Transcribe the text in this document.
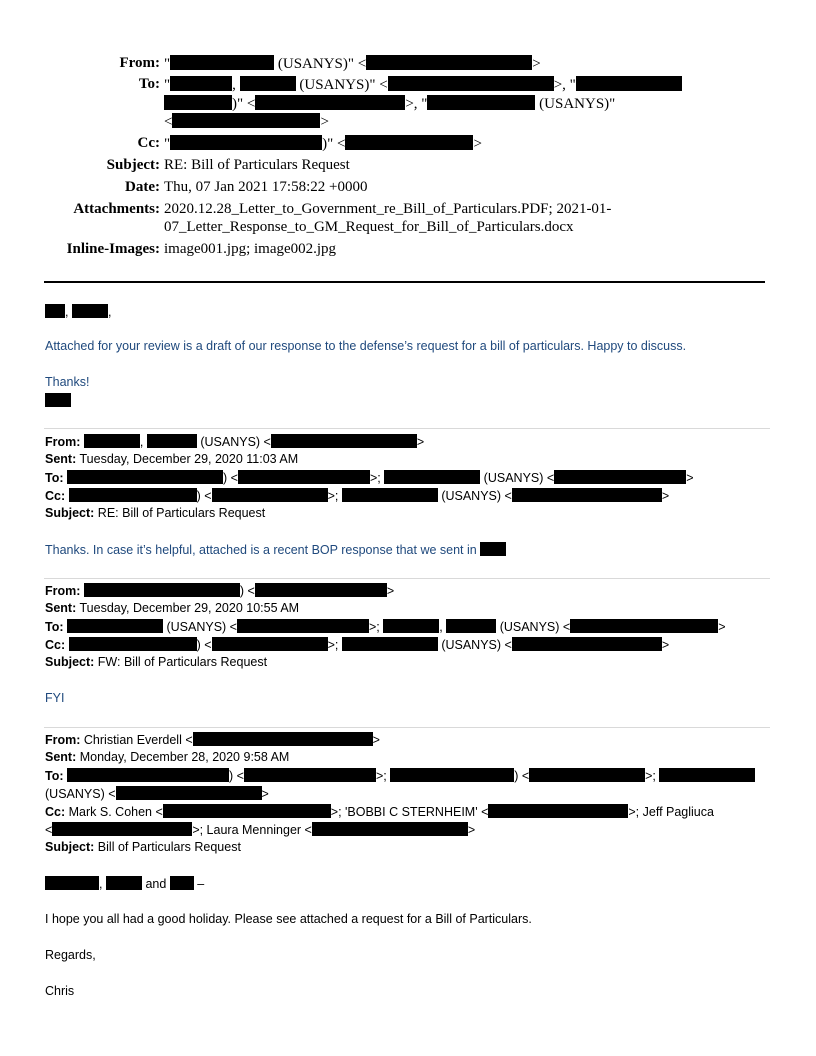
From: "	(USANYS)" <	>
To: "	,	(USANYS)" <	>, "
)" <	>, "	(USANYS)"
<	>
Cc: "	)" <	>
Subject: RE: Bill of Particulars Request
Date: Thu, 07 Jan 2021 17:58:22 +0000
Attachments: 2020.12.28_Letter_to_Government_re_Bill_of_Particulars.PDF; 2021-01-
07_Letter_Response_to_GM_Request_for_Bill_of_Particulars.docx
Inline-Images: image001.jpg; image002.jpg
,	,
Attached for your review is a draft of our response to the defense’s request for a bill of particulars. Happy to discuss.
Thanks!
From:	,	(USANYS) <	>
Sent: Tuesday, December 29, 2020 11:03 AM
To:	) <	>;	(USANYS) <	>
Cc:	) <	>;	(USANYS) <	>
Subject: RE: Bill of Particulars Request
Thanks. In case it’s helpful, attached is a recent BOP response that we sent in
From:	) <	>
Sent: Tuesday, December 29, 2020 10:55 AM
To:	(USANYS) <	>;	,	(USANYS) <	>
Cc:	) <	>;	(USANYS) <	>
Subject: FW: Bill of Particulars Request
FYI
From: Christian Everdell <	>
Sent: Monday, December 28, 2020 9:58 AM
To:	) <	>;	) <	>;
(USANYS) <	>
Cc: Mark S. Cohen <	>; 'BOBBI C STERNHEIM' <	>; Jeff Pagliuca
<	>; Laura Menninger <	>
Subject: Bill of Particulars Request
,	and –
I hope you all had a good holiday. Please see attached a request for a Bill of Particulars.
Regards,
Chris
